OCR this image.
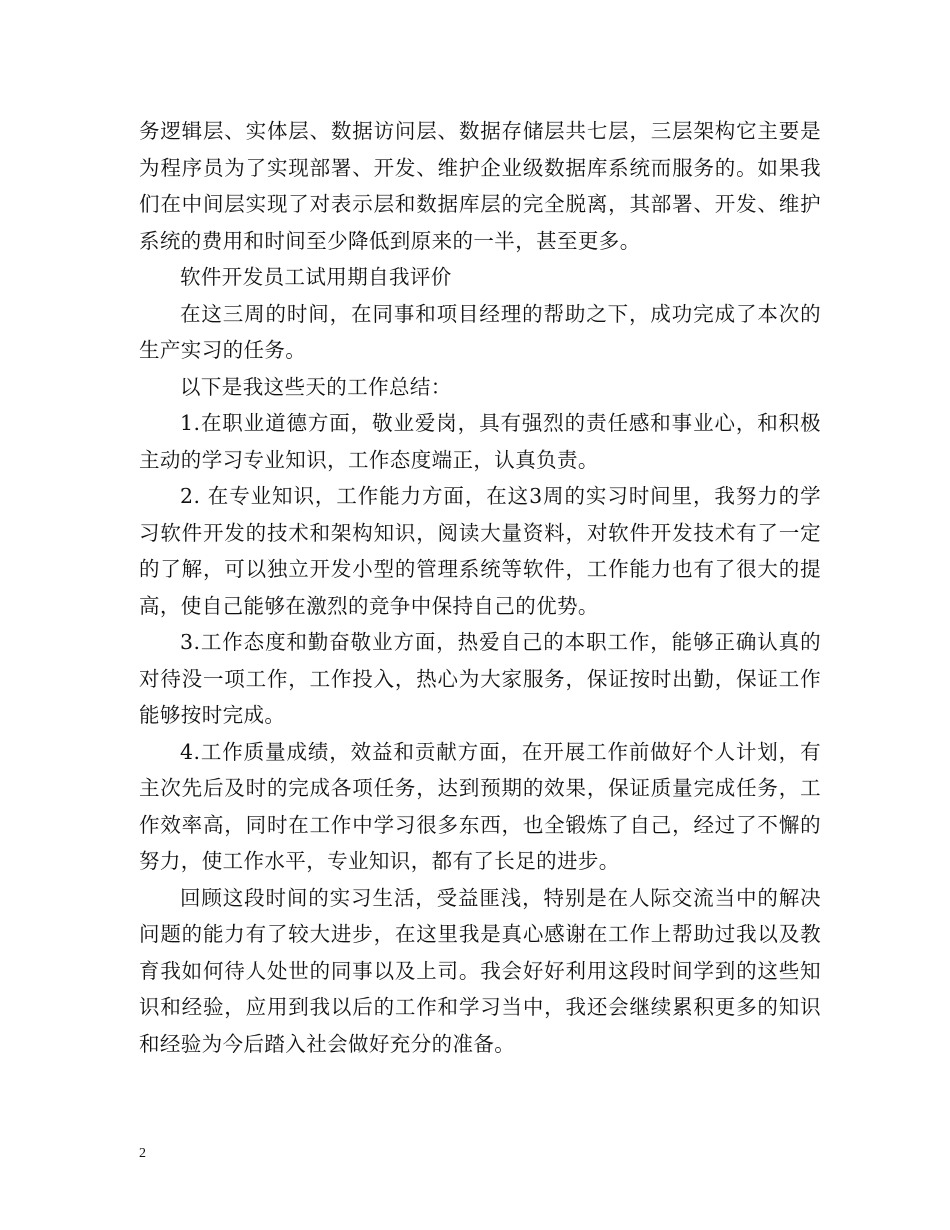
务逻辑层、实体层、数据访问层、数据存储层共七层，三层架构它主要是为程序员为了实现部署、开发、维护企业级数据库系统而服务的。如果我们在中间层实现了对表示层和数据库层的完全脱离，其部署、开发、维护系统的费用和时间至少降低到原来的一半，甚至更多。

软件开发员工试用期自我评价

在这三周的时间，在同事和项目经理的帮助之下，成功完成了本次的生产实习的任务。

以下是我这些天的工作总结：

1.在职业道德方面，敬业爱岗，具有强烈的责任感和事业心，和积极主动的学习专业知识，工作态度端正，认真负责。

2. 在专业知识，工作能力方面，在这3周的实习时间里，我努力的学习软件开发的技术和架构知识，阅读大量资料，对软件开发技术有了一定的了解，可以独立开发小型的管理系统等软件，工作能力也有了很大的提高，使自己能够在激烈的竞争中保持自己的优势。

3.工作态度和勤奋敬业方面，热爱自己的本职工作，能够正确认真的对待没一项工作，工作投入，热心为大家服务，保证按时出勤，保证工作能够按时完成。

4.工作质量成绩，效益和贡献方面，在开展工作前做好个人计划，有主次先后及时的完成各项任务，达到预期的效果，保证质量完成任务，工作效率高，同时在工作中学习很多东西，也全锻炼了自己，经过了不懈的努力，使工作水平，专业知识，都有了长足的进步。

回顾这段时间的实习生活，受益匪浅，特别是在人际交流当中的解决问题的能力有了较大进步，在这里我是真心感谢在工作上帮助过我以及教育我如何待人处世的同事以及上司。我会好好利用这段时间学到的这些知识和经验，应用到我以后的工作和学习当中，我还会继续累积更多的知识和经验为今后踏入社会做好充分的准备。

2
